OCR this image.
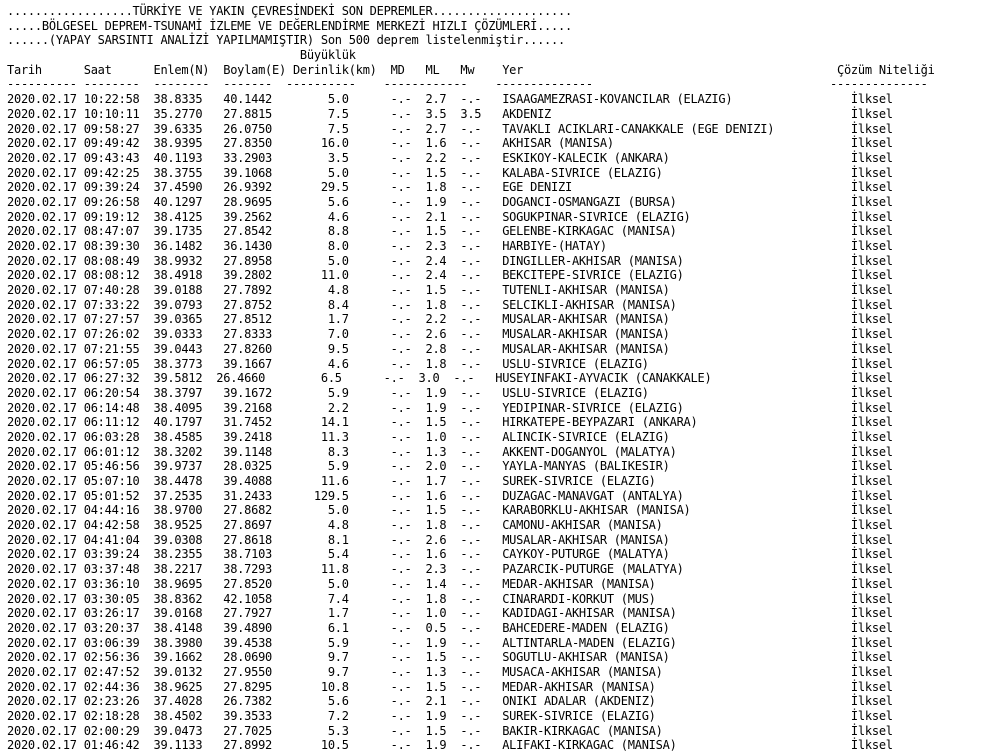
..................TÜRKİYE VE YAKIN ÇEVRESİNDEKİ SON DEPREMLER....................
.....BÖLGESEL DEPREM-TSUNAMİ İZLEME VE DEĞERLENDİRME MERKEZİ HIZLI ÇÖZÜMLERİ.....
......(YAPAY SARSINTI ANALİZİ YAPILMAMIŞTIR) Son 500 deprem listelenmiştir......
Büyüklük
Tarih      Saat      Enlem(N)  Boylam(E) Derinlik(km)  MD   ML   Mw    Yer                                             Çözüm Niteliği
---------- --------  --------  -------  ----------    ------------    --------------                                  --------------
2020.02.17 10:22:58  38.8335   40.1442        5.0      -.-  2.7  -.-   ISAAGAMEZRASI-KOVANCILAR (ELAZIG)                 İlksel
2020.02.17 10:10:11  35.2770   27.8815        7.5      -.-  3.5  3.5   AKDENIZ                                           İlksel
2020.02.17 09:58:27  39.6335   26.0750        7.5      -.-  2.7  -.-   TAVAKLI ACIKLARI-CANAKKALE (EGE DENIZI)           İlksel
2020.02.17 09:49:42  38.9395   27.8350       16.0      -.-  1.6  -.-   AKHISAR (MANISA)                                  İlksel
2020.02.17 09:43:43  40.1193   33.2903        3.5      -.-  2.2  -.-   ESKIKOY-KALECIK (ANKARA)                          İlksel
2020.02.17 09:42:25  38.3755   39.1068        5.0      -.-  1.5  -.-   KALABA-SIVRICE (ELAZIG)                           İlksel
2020.02.17 09:39:24  37.4590   26.9392       29.5      -.-  1.8  -.-   EGE DENIZI                                        İlksel
2020.02.17 09:26:58  40.1297   28.9695        5.6      -.-  1.9  -.-   DOGANCI-OSMANGAZI (BURSA)                         İlksel
2020.02.17 09:19:12  38.4125   39.2562        4.6      -.-  2.1  -.-   SOGUKPINAR-SIVRICE (ELAZIG)                       İlksel
2020.02.17 08:47:07  39.1735   27.8542        8.8      -.-  1.5  -.-   GELENBE-KIRKAGAC (MANISA)                         İlksel
2020.02.17 08:39:30  36.1482   36.1430        8.0      -.-  2.3  -.-   HARBIYE-(HATAY)                                   İlksel
2020.02.17 08:08:49  38.9932   27.8958        5.0      -.-  2.4  -.-   DINGILLER-AKHISAR (MANISA)                        İlksel
2020.02.17 08:08:12  38.4918   39.2802       11.0      -.-  2.4  -.-   BEKCITEPE-SIVRICE (ELAZIG)                        İlksel
2020.02.17 07:40:28  39.0188   27.7892        4.8      -.-  1.5  -.-   TUTENLI-AKHISAR (MANISA)                          İlksel
2020.02.17 07:33:22  39.0793   27.8752        8.4      -.-  1.8  -.-   SELCIKLI-AKHISAR (MANISA)                         İlksel
2020.02.17 07:27:57  39.0365   27.8512        1.7      -.-  2.2  -.-   MUSALAR-AKHISAR (MANISA)                          İlksel
2020.02.17 07:26:02  39.0333   27.8333        7.0      -.-  2.6  -.-   MUSALAR-AKHISAR (MANISA)                          İlksel
2020.02.17 07:21:55  39.0443   27.8260        9.5      -.-  2.8  -.-   MUSALAR-AKHISAR (MANISA)                          İlksel
2020.02.17 06:57:05  38.3773   39.1667        4.6      -.-  1.8  -.-   USLU-SIVRICE (ELAZIG)                             İlksel
2020.02.17 06:27:32  39.5812  26.4660        6.5      -.-  3.0  -.-   HUSEYINFAKI-AYVACIK (CANAKKALE)                    İlksel
2020.02.17 06:20:54  38.3797   39.1672        5.9      -.-  1.9  -.-   USLU-SIVRICE (ELAZIG)                             İlksel
2020.02.17 06:14:48  38.4095   39.2168        2.2      -.-  1.9  -.-   YEDIPINAR-SIVRICE (ELAZIG)                        İlksel
2020.02.17 06:11:12  40.1797   31.7452       14.1      -.-  1.5  -.-   HIRKATEPE-BEYPAZARI (ANKARA)                      İlksel
2020.02.17 06:03:28  38.4585   39.2418       11.3      -.-  1.0  -.-   ALINCIK-SIVRICE (ELAZIG)                          İlksel
2020.02.17 06:01:12  38.3202   39.1148        8.3      -.-  1.3  -.-   AKKENT-DOGANYOL (MALATYA)                         İlksel
2020.02.17 05:46:56  39.9737   28.0325        5.9      -.-  2.0  -.-   YAYLA-MANYAS (BALIKESIR)                          İlksel
2020.02.17 05:07:10  38.4478   39.4088       11.6      -.-  1.7  -.-   SUREK-SIVRICE (ELAZIG)                            İlksel
2020.02.17 05:01:52  37.2535   31.2433      129.5      -.-  1.6  -.-   DUZAGAC-MANAVGAT (ANTALYA)                        İlksel
2020.02.17 04:44:16  38.9700   27.8682        5.0      -.-  1.5  -.-   KARABORKLU-AKHISAR (MANISA)                       İlksel
2020.02.17 04:42:58  38.9525   27.8697        4.8      -.-  1.8  -.-   CAMONU-AKHISAR (MANISA)                           İlksel
2020.02.17 04:41:04  39.0308   27.8618        8.1      -.-  2.6  -.-   MUSALAR-AKHISAR (MANISA)                          İlksel
2020.02.17 03:39:24  38.2355   38.7103        5.4      -.-  1.6  -.-   CAYKOY-PUTURGE (MALATYA)                          İlksel
2020.02.17 03:37:48  38.2217   38.7293       11.8      -.-  2.3  -.-   PAZARCIK-PUTURGE (MALATYA)                        İlksel
2020.02.17 03:36:10  38.9695   27.8520        5.0      -.-  1.4  -.-   MEDAR-AKHISAR (MANISA)                            İlksel
2020.02.17 03:30:05  38.8362   42.1058        7.4      -.-  1.8  -.-   CINARARDI-KORKUT (MUS)                            İlksel
2020.02.17 03:26:17  39.0168   27.7927        1.7      -.-  1.0  -.-   KADIDAGI-AKHISAR (MANISA)                         İlksel
2020.02.17 03:20:37  38.4148   39.4890        6.1      -.-  0.5  -.-   BAHCEDERE-MADEN (ELAZIG)                          İlksel
2020.02.17 03:06:39  38.3980   39.4538        5.9      -.-  1.9  -.-   ALTINTARLA-MADEN (ELAZIG)                         İlksel
2020.02.17 02:56:36  39.1662   28.0690        9.7      -.-  1.5  -.-   SOGUTLU-AKHISAR (MANISA)                          İlksel
2020.02.17 02:47:52  39.0132   27.9550        9.7      -.-  1.3  -.-   MUSACA-AKHISAR (MANISA)                           İlksel
2020.02.17 02:44:36  38.9625   27.8295       10.8      -.-  1.5  -.-   MEDAR-AKHISAR (MANISA)                            İlksel
2020.02.17 02:23:26  37.4028   26.7382        5.6      -.-  2.1  -.-   ONIKI ADALAR (AKDENIZ)                            İlksel
2020.02.17 02:18:28  38.4502   39.3533        7.2      -.-  1.9  -.-   SUREK-SIVRICE (ELAZIG)                            İlksel
2020.02.17 02:00:29  39.0473   27.7025        5.3      -.-  1.5  -.-   BAKIR-KIRKAGAC (MANISA)                           İlksel
2020.02.17 01:46:42  39.1133   27.8992       10.5      -.-  1.9  -.-   ALIFAKI-KIRKAGAC (MANISA)                         İlksel
